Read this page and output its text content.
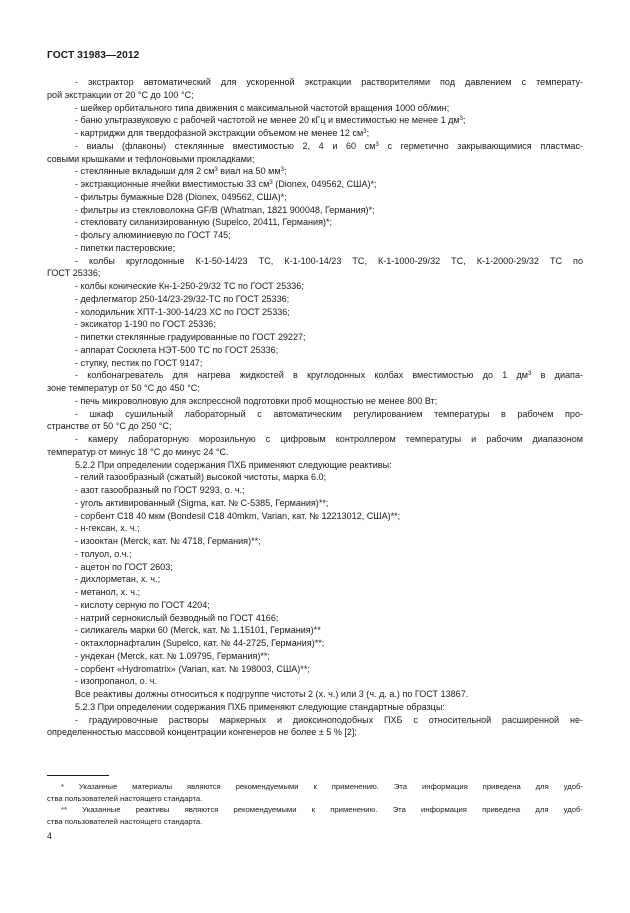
ГОСТ 31983—2012
- экстрактор автоматический для ускоренной экстракции растворителями под давлением с температу-
рой экстракции от 20 °С до 100 °С;
- шейкер орбитального типа движения с максимальной частотой вращения 1000 об/мин;
- баню ультразвуковую с рабочей частотой не менее 20 кГц и вместимостью не менее 1 $дм^3$;
- картриджи для твердофазной экстракции объемом не менее 12 $см^3$;
- виалы (флаконы) стеклянные вместимостью 2, 4 и 60 $см^3$ с герметично закрывающимися пластмас-
совыми крышками и тефлоновыми прокладками;
- стеклянные вкладыши для 2 $см^3$ виал на 50 $мм^3$;
- экстракционные ячейки вместимостью 33 $см^3$ (Dionex, 049562, США)*;
- фильтры бумажные D28 (Dionex, 049562, США)*;
- фильтры из стекловолокна GF/B (Whatman, 1821 900048, Германия)*;
- стекловату силанизированную (Supelco, 20411, Германия)*;
- фольгу алюминиевую по ГОСТ 745;
- пипетки пастеровские;
- колбы круглодонные К-1-50-14/23 ТС, К-1-100-14/23 ТС, К-1-1000-29/32 ТС, К-1-2000-29/32 ТС по
ГОСТ 25336;
- колбы конические Кн-1-250-29/32 ТС по ГОСТ 25336;
- дефлегматор 250-14/23-29/32-ТС по ГОСТ 25336;
- холодильник ХПТ-1-300-14/23 ХС по ГОСТ 25336;
- эксикатор 1-190 по ГОСТ 25336;
- пипетки стеклянные градуированные по ГОСТ 29227;
- аппарат Сосклета НЭТ-500 ТС по ГОСТ 25336;
- ступку, пестик по ГОСТ 9147;
- колбонагреватель для нагрева жидкостей в круглодонных колбах вместимостью до 1 $дм^3$ в диапа-
зоне температур от 50 °С до 450 °С;
- печь микроволновую для экспрессной подготовки проб мощностью не менее 800 Вт;
- шкаф сушильный лабораторный с автоматическим регулированием температуры в рабочем про-
странстве от 50 °С до 250 °С;
- камеру лабораторную морозильную с цифровым контроллером температуры и рабочим диапазоном
температур от минус 18 °С до минус 24 °С.
5.2.2 При определении содержания ПХБ применяют следующие реактивы:
- гелий газообразный (сжатый) высокой чистоты, марка 6.0;
- азот газообразный по ГОСТ 9293, о. ч.;
- уголь активированный (Sigma, кат. № С-5385, Германия)**;
- сорбент С18 40 мкм (Bondesil C18 40mkm, Varian, кат. № 12213012, США)**;
- н-гексан, х. ч.;
- изооктан (Merck, кат. № 4718, Германия)**;
- толуол, о.ч.;
- ацетон по ГОСТ 2603;
- дихлорметан, х. ч.;
- метанол, х. ч.;
- кислоту серную по ГОСТ 4204;
- натрий сернокислый безводный по ГОСТ 4166;
- силикагель марки 60 (Merck, кат. № 1.15101, Германия)**
- октахлорнафталин (Supelco, кат. № 44-2725, Германия)**;
- ундекан (Merck, кат. № 1.09795, Германия)**;
- сорбент «Hydromatrix» (Varian, кат. № 198003, США)**;
- изопропанол, о. ч.
Все реактивы должны относиться к подгруппе чистоты 2 (х. ч.) или 3 (ч. д. а.) по ГОСТ 13867.
5.2.3 При определении содержания ПХБ применяют следующие стандартные образцы:
- градуировочные растворы маркерных и диоксиноподобных ПХБ с относительной расширенной не-
определенностью массовой концентрации конгенеров не более ± 5 % [2];
* Указанные материалы являются рекомендуемыми к применению. Эта информация приведена для удоб-
ства пользователей настоящего стандарта.
** Указанные реактивы являются рекомендуемыми к применению. Эта информация приведена для удоб-
ства пользователей настоящего стандарта.
4
